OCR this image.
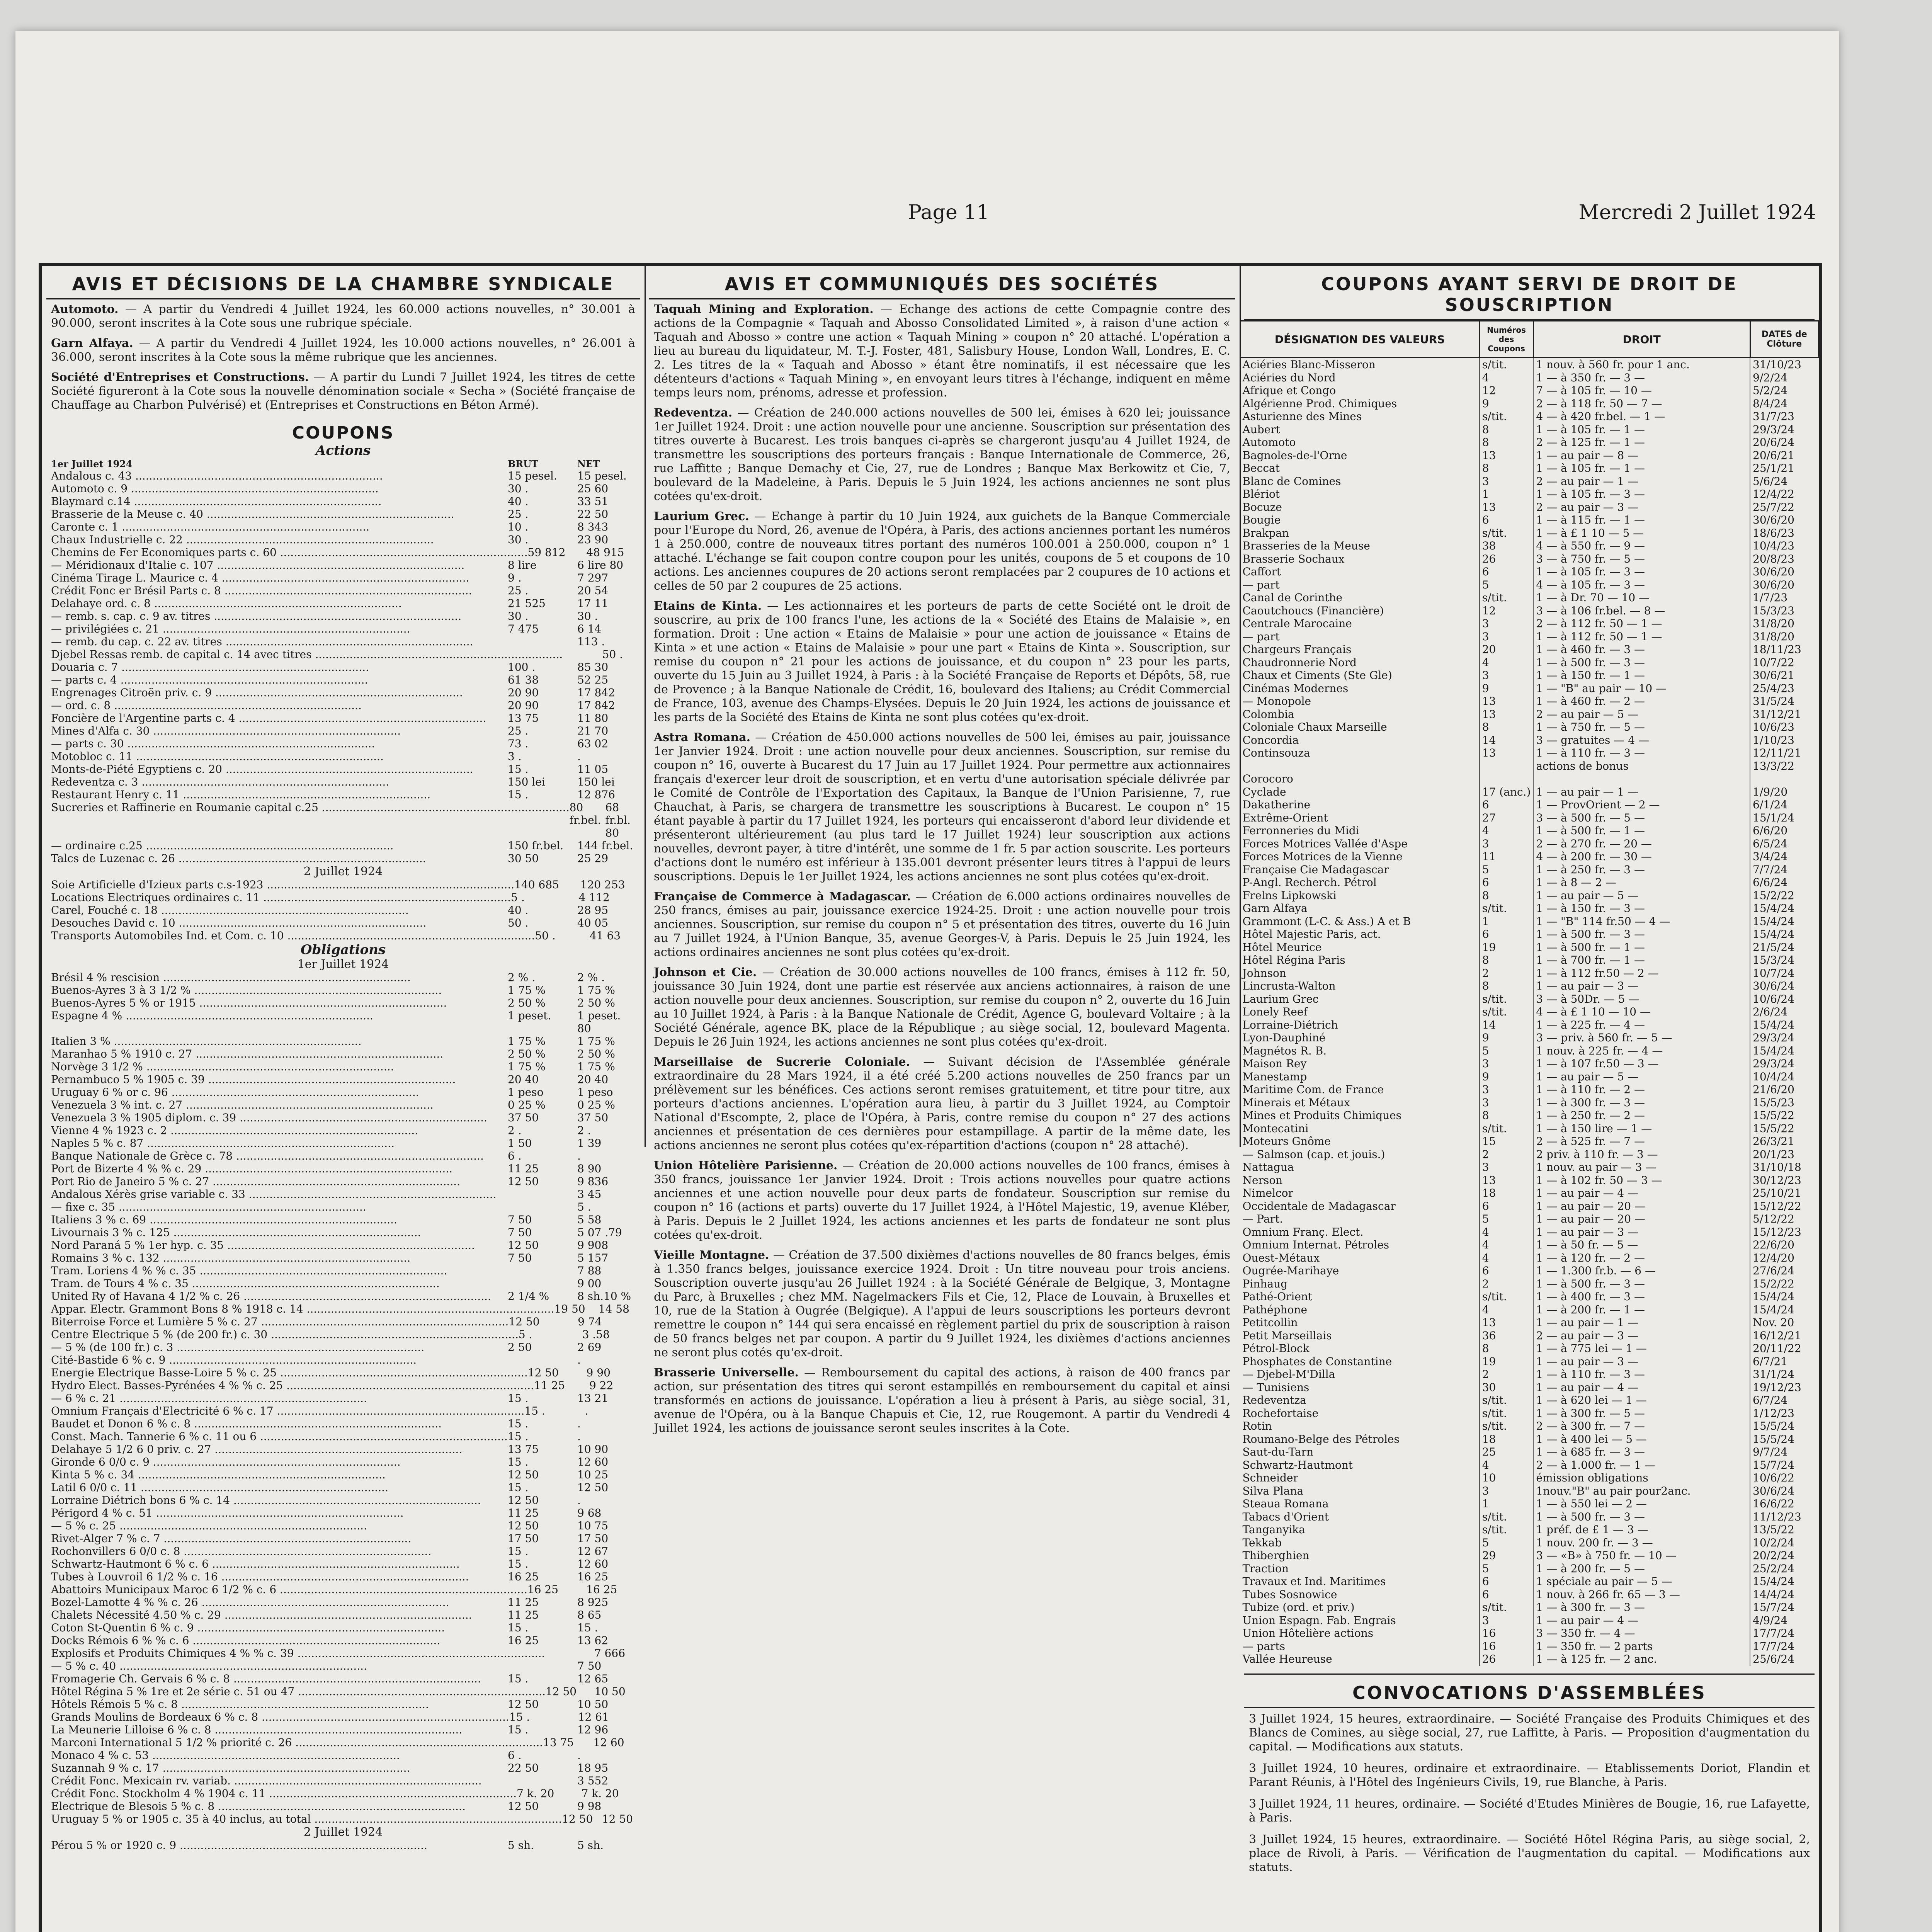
Page 11	Mercredi 2 Juillet 1924
AVIS ET DÉCISIONS DE LA CHAMBRE SYNDICALE
Automoto. — A partir du Vendredi 4 Juillet 1924, les 60.000 actions nouvelles, n° 30.001 à 90.000, seront inscrites à la Cote sous une rubrique spéciale.
Garn Alfaya. — A partir du Vendredi 4 Juillet 1924, les 10.000 actions nouvelles, n° 26.001 à 36.000, seront inscrites à la Cote sous la même rubrique que les anciennes.
Société d'Entreprises et Constructions. — A partir du Lundi 7 Juillet 1924, les titres de cette Société figureront à la Cote sous la nouvelle dénomination sociale « Secha » (Société française de Chauffage au Charbon Pulvérisé) et (Entreprises et Constructions en Béton Armé).
COUPONS
Actions
1er Juillet 1924	BRUT	NET
Andalous c. 43 ........................................................................	15 pesel.	15 pesel.
Automoto c. 9 ........................................................................	30 .	25 60
Blaymard c.14 ........................................................................	40 .	33 51
Brasserie de la Meuse c. 40 ........................................................................	25 .	22 50
Caronte c. 1 ........................................................................	10 .	8 343
Chaux Industrielle c. 22 ........................................................................	30 .	23 90
Chemins de Fer Economiques parts c. 60 ........................................................................ 59 812	48 915
— Méridionaux d'Italie c. 107 ........................................................................	8 lire	6 lire 80
Cinéma Tirage L. Maurice c. 4 ........................................................................	9 .	7 297
Crédit Fonc er Brésil Parts c. 8 ........................................................................	25 .	20 54
Delahaye ord. c. 8 ........................................................................	21 525	17 11
— remb. s. cap. c. 9 av. titres ........................................................................	30 .	30 .
— privilégiées c. 21 ........................................................................	7 475	6 14
— remb. du cap. c. 22 av. titres ........................................................................	113 .
Djebel Ressas remb. de capital c. 14 avec titres ........................................................................	50 .
Douaria c. 7 ........................................................................	100 .	85 30
— parts c. 4 ........................................................................	61 38	52 25
Engrenages Citroën priv. c. 9 ........................................................................	20 90	17 842
— ord. c. 8 ........................................................................	20 90	17 842
Foncière de l'Argentine parts c. 4 ........................................................................	13 75	11 80
Mines d'Alfa c. 30 ........................................................................	25 .	21 70
— parts c. 30 ........................................................................	73 .	63 02
Motobloc c. 11 ........................................................................	3 .	.
Monts-de-Piété Egyptiens c. 20 ........................................................................	15 .	11 05
Redeventza c. 3 ........................................................................	150 lei	150 lei
Restaurant Henry c. 11 ........................................................................	15 .	12 876
Sucreries et Raffinerie en Roumanie capital c.25 ........................................................................ 80 fr.bel.
68 fr.bl. 80
— ordinaire c.25 ........................................................................	150 fr.bel.	144 fr.bel.
Talcs de Luzenac c. 26 ........................................................................	30 50	25 29
2 Juillet 1924
Soie Artificielle d'Izieux parts c.s-1923 ........................................................................ 140 685	120 253
Locations Electriques ordinaires c. 11 ........................................................................ 5 .	4 112
Carel, Fouché c. 18 ........................................................................	40 .	28 95
Desouches David c. 10 ........................................................................	50 .	40 05
Transports Automobiles Ind. et Com. c. 10 ........................................................................ 50 .	41 63
Obligations
1er Juillet 1924
Brésil 4 % rescision ........................................................................	2 % .	2 % .
Buenos-Ayres 3 à 3 1/2 % ........................................................................	1 75 %	1 75 %
Buenos-Ayres 5 % or 1915 ........................................................................	2 50 %	2 50 %
Espagne 4 % ........................................................................	1 peset.	1 peset. 80
Italien 3 % ........................................................................	1 75 %	1 75 %
Maranhao 5 % 1910 c. 27 ........................................................................	2 50 %	2 50 %
Norvège 3 1/2 % ........................................................................	1 75 %	1 75 %
Pernambuco 5 % 1905 c. 39 ........................................................................	20 40	20 40
Uruguay 6 % or c. 96 ........................................................................	1 peso	1 peso
Venezuela 3 % int. c. 27 ........................................................................	0 25 %	0 25 %
Venezuela 3 % 1905 diplom. c. 39 ........................................................................	37 50	37 50
Vienne 4 % 1923 c. 2 ........................................................................	2 .	2 .
Naples 5 % c. 87 ........................................................................	1 50	1 39
Banque Nationale de Grèce c. 78 ........................................................................	6 .	.
Port de Bizerte 4 % % c. 29 ........................................................................	11 25	8 90
Port Rio de Janeiro 5 % c. 27 ........................................................................	12 50	9 836
Andalous Xérès grise variable c. 33 ........................................................................	3 45
— fixe c. 35 ........................................................................	5 .
Italiens 3 % c. 69 ........................................................................	7 50	5 58
Livournais 3 % c. 125 ........................................................................	7 50	5 07 .79
Nord Paraná 5 % 1er hyp. c. 35 ........................................................................	12 50	9 908
Romains 3 % c. 132 ........................................................................	7 50	5 157
Tram. Loriens 4 % % c. 35 ........................................................................	7 88
Tram. de Tours 4 % c. 35 ........................................................................	9 00
United Ry of Havana 4 1/2 % c. 26 ........................................................................	2 1/4 %	8 sh.10 %
Appar. Electr. Grammont Bons 8 % 1918 c. 14 ........................................................................ 19 50	14 58
Biterroise Force et Lumière 5 % c. 27 ........................................................................ 12 50	9 74
Centre Electrique 5 % (de 200 fr.) c. 30 ........................................................................ 5 .	3 .58
— 5 % (de 100 fr.) c. 3 ........................................................................	2 50	2 69
Cité-Bastide 6 % c. 9 ........................................................................	.
Energie Electrique Basse-Loire 5 % c. 25 ........................................................................ 12 50	9 90
Hydro Elect. Basses-Pyrénées 4 % % c. 25 ........................................................................ 11 25	9 22
— 6 % c. 21 ........................................................................	15 .	13 21
Omnium Français d'Electricité 6 % c. 17 ........................................................................ 15 .	.
Baudet et Donon 6 % c. 8 ........................................................................	15 .	.
Const. Mach. Tannerie 6 % c. 11 ou 6 ........................................................................ 15 .	.
Delahaye 5 1/2 6 0 priv. c. 27 ........................................................................	13 75	10 90
Gironde 6 0/0 c. 9 ........................................................................	15 .	12 60
Kinta 5 % c. 34 ........................................................................	12 50	10 25
Latil 6 0/0 c. 11 ........................................................................	15 .	12 50
Lorraine Diétrich bons 6 % c. 14 ........................................................................	12 50	.
Périgord 4 % c. 51 ........................................................................	11 25	9 68
— 5 % c. 25 ........................................................................	12 50	10 75
Rivet-Alger 7 % c. 7 ........................................................................	17 50	17 50
Rochonvillers 6 0/0 c. 8 ........................................................................	15 .	12 67
Schwartz-Hautmont 6 % c. 6 ........................................................................	15 .	12 60
Tubes à Louvroil 6 1/2 % c. 16 ........................................................................	16 25	16 25
Abattoirs Municipaux Maroc 6 1/2 % c. 6 ........................................................................ 16 25	16 25
Bozel-Lamotte 4 % % c. 26 ........................................................................	11 25	8 925
Chalets Nécessité 4.50 % c. 29 ........................................................................	11 25	8 65
Coton St-Quentin 6 % c. 9 ........................................................................	15 .	15 .
Docks Rémois 6 % % c. 6 ........................................................................	16 25	13 62
Explosifs et Produits Chimiques 4 % % c. 39 ........................................................................	7 666
— 5 % c. 40 ........................................................................	7 50
Fromagerie Ch. Gervais 6 % c. 8 ........................................................................	15 .	12 65
Hôtel Régina 5 % 1re et 2e série c. 51 ou 47 ........................................................................ 12 50	10 50
Hôtels Rémois 5 % c. 8 ........................................................................	12 50	10 50
Grands Moulins de Bordeaux 6 % c. 8 ........................................................................ 15 .	12 61
La Meunerie Lilloise 6 % c. 8 ........................................................................	15 .	12 96
Marconi International 5 1/2 % priorité c. 26 ........................................................................ 13 75	12 60
Monaco 4 % c. 53 ........................................................................	6 .	.
Suzannah 9 % c. 17 ........................................................................	22 50	18 95
Crédit Fonc. Mexicain rv. variab. ........................................................................	3 552
Crédit Fonc. Stockholm 4 % 1904 c. 11 ........................................................................ 7 k. 20	7 k. 20
Electrique de Blesois 5 % c. 8 ........................................................................	12 50	9 98
Uruguay 5 % or 1905 c. 35 à 40 inclus, au total ........................................................................ 12 50 12 50
2 Juillet 1924
Pérou 5 % or 1920 c. 9 ........................................................................	5 sh.	5 sh.
AVIS ET COMMUNIQUÉS DES SOCIÉTÉS
Taquah Mining and Exploration. — Echange des actions de cette Compagnie contre des actions de la Compagnie « Taquah and Abosso Consolidated Limited », à raison d'une action « Taquah and Abosso » contre une action « Taquah Mining » coupon n° 20 attaché. L'opération a lieu au bureau du liquidateur, M. T.-J. Foster, 481, Salisbury House, London Wall, Londres, E. C. 2. Les titres de la « Taquah and Abosso » étant être nominatifs, il est nécessaire que les détenteurs d'actions « Taquah Mining », en envoyant leurs titres à l'échange, indiquent en même temps leurs nom, prénoms, adresse et profession.
Redeventza. — Création de 240.000 actions nouvelles de 500 lei, émises à 620 lei; jouissance 1er Juillet 1924. Droit : une action nouvelle pour une ancienne. Souscription sur présentation des titres ouverte à Bucarest. Les trois banques ci-après se chargeront jusqu'au 4 Juillet 1924, de transmettre les souscriptions des porteurs français : Banque Internationale de Commerce, 26, rue Laffitte ; Banque Demachy et Cie, 27, rue de Londres ; Banque Max Berkowitz et Cie, 7, boulevard de la Madeleine, à Paris. Depuis le 5 Juin 1924, les actions anciennes ne sont plus cotées qu'ex-droit.
Laurium Grec. — Echange à partir du 10 Juin 1924, aux guichets de la Banque Commerciale pour l'Europe du Nord, 26, avenue de l'Opéra, à Paris, des actions anciennes portant les numéros 1 à 250.000, contre de nouveaux titres portant des numéros 100.001 à 250.000, coupon n° 1 attaché. L'échange se fait coupon contre coupon pour les unités, coupons de 5 et coupons de 10 actions. Les anciennes coupures de 20 actions seront remplacées par 2 coupures de 10 actions et celles de 50 par 2 coupures de 25 actions.
Etains de Kinta. — Les actionnaires et les porteurs de parts de cette Société ont le droit de souscrire, au prix de 100 francs l'une, les actions de la « Société des Etains de Malaisie », en formation. Droit : Une action « Etains de Malaisie » pour une action de jouissance « Etains de Kinta » et une action « Etains de Malaisie » pour une part « Etains de Kinta ». Souscription, sur remise du coupon n° 21 pour les actions de jouissance, et du coupon n° 23 pour les parts, ouverte du 15 Juin au 3 Juillet 1924, à Paris : à la Société Française de Reports et Dépôts, 58, rue de Provence ; à la Banque Nationale de Crédit, 16, boulevard des Italiens; au Crédit Commercial de France, 103, avenue des Champs-Elysées. Depuis le 20 Juin 1924, les actions de jouissance et les parts de la Société des Etains de Kinta ne sont plus cotées qu'ex-droit.
Astra Romana. — Création de 450.000 actions nouvelles de 500 lei, émises au pair, jouissance 1er Janvier 1924. Droit : une action nouvelle pour deux anciennes. Souscription, sur remise du coupon n° 16, ouverte à Bucarest du 17 Juin au 17 Juillet 1924. Pour permettre aux actionnaires français d'exercer leur droit de souscription, et en vertu d'une autorisation spéciale délivrée par le Comité de Contrôle de l'Exportation des Capitaux, la Banque de l'Union Parisienne, 7, rue Chauchat, à Paris, se chargera de transmettre les souscriptions à Bucarest. Le coupon n° 15 étant payable à partir du 17 Juillet 1924, les porteurs qui encaisseront d'abord leur dividende et présenteront ultérieurement (au plus tard le 17 Juillet 1924) leur souscription aux actions nouvelles, devront payer, à titre d'intérêt, une somme de 1 fr. 5 par action souscrite. Les porteurs d'actions dont le numéro est inférieur à 135.001 devront présenter leurs titres à l'appui de leurs souscriptions. Depuis le 1er Juillet 1924, les actions anciennes ne sont plus cotées qu'ex-droit.
Française de Commerce à Madagascar. — Création de 6.000 actions ordinaires nouvelles de 250 francs, émises au pair, jouissance exercice 1924-25. Droit : une action nouvelle pour trois anciennes. Souscription, sur remise du coupon n° 5 et présentation des titres, ouverte du 16 Juin au 7 Juillet 1924, à l'Union Banque, 35, avenue Georges-V, à Paris. Depuis le 25 Juin 1924, les actions ordinaires anciennes ne sont plus cotées qu'ex-droit.
Johnson et Cie. — Création de 30.000 actions nouvelles de 100 francs, émises à 112 fr. 50, jouissance 30 Juin 1924, dont une partie est réservée aux anciens actionnaires, à raison de une action nouvelle pour deux anciennes. Souscription, sur remise du coupon n° 2, ouverte du 16 Juin au 10 Juillet 1924, à Paris : à la Banque Nationale de Crédit, Agence G, boulevard Voltaire ; à la Société Générale, agence BK, place de la République ; au siège social, 12, boulevard Magenta. Depuis le 26 Juin 1924, les actions anciennes ne sont plus cotées qu'ex-droit.
Marseillaise de Sucrerie Coloniale. — Suivant décision de l'Assemblée générale extraordinaire du 28 Mars 1924, il a été créé 5.200 actions nouvelles de 250 francs par un prélèvement sur les bénéfices. Ces actions seront remises gratuitement, et titre pour titre, aux porteurs d'actions anciennes. L'opération aura lieu, à partir du 3 Juillet 1924, au Comptoir National d'Escompte, 2, place de l'Opéra, à Paris, contre remise du coupon n° 27 des actions anciennes et présentation de ces dernières pour estampillage. A partir de la même date, les actions anciennes ne seront plus cotées qu'ex-répartition d'actions (coupon n° 28 attaché).
Union Hôtelière Parisienne. — Création de 20.000 actions nouvelles de 100 francs, émises à 350 francs, jouissance 1er Janvier 1924. Droit : Trois actions nouvelles pour quatre actions anciennes et une action nouvelle pour deux parts de fondateur. Souscription sur remise du coupon n° 16 (actions et parts) ouverte du 17 Juillet 1924, à l'Hôtel Majestic, 19, avenue Kléber, à Paris. Depuis le 2 Juillet 1924, les actions anciennes et les parts de fondateur ne sont plus cotées qu'ex-droit.
Vieille Montagne. — Création de 37.500 dixièmes d'actions nouvelles de 80 francs belges, émis à 1.350 francs belges, jouissance exercice 1924. Droit : Un titre nouveau pour trois anciens. Souscription ouverte jusqu'au 26 Juillet 1924 : à la Société Générale de Belgique, 3, Montagne du Parc, à Bruxelles ; chez MM. Nagelmackers Fils et Cie, 12, Place de Louvain, à Bruxelles et 10, rue de la Station à Ougrée (Belgique). A l'appui de leurs souscriptions les porteurs devront remettre le coupon n° 144 qui sera encaissé en règlement partiel du prix de souscription à raison de 50 francs belges net par coupon. A partir du 9 Juillet 1924, les dixièmes d'actions anciennes ne seront plus cotés qu'ex-droit.
Brasserie Universelle. — Remboursement du capital des actions, à raison de 400 francs par action, sur présentation des titres qui seront estampillés en remboursement du capital et ainsi transformés en actions de jouissance. L'opération a lieu à présent à Paris, au siège social, 31, avenue de l'Opéra, ou à la Banque Chapuis et Cie, 12, rue Rougemont. A partir du Vendredi 4 Juillet 1924, les actions de jouissance seront seules inscrites à la Cote.
COUPONS AYANT SERVI DE DROIT DE SOUSCRIPTION
DÉSIGNATION DES VALEURS	Numéros des Coupons	DROIT	DATES de Clôture
Aciéries Blanc-Misseron	s/tit.	1 nouv. à 560 fr. pour 1 anc.	31/10/23
Aciéries du Nord	4	1 — à 350 fr. — 3 —	9/2/24
Afrique et Congo	12	7 — à 105 fr. — 10 —	5/2/24
Algérienne Prod. Chimiques	9	2 — à 118 fr. 50 — 7 —	8/4/24
Asturienne des Mines	s/tit.	4 — à 420 fr.bel. — 1 —	31/7/23
Aubert	8	1 — à 105 fr. — 1 —	29/3/24
Automoto	8	2 — à 125 fr. — 1 —	20/6/24
Bagnoles-de-l'Orne	13	1 — au pair — 8 —	20/6/21
Beccat	8	1 — à 105 fr. — 1 —	25/1/21
Blanc de Comines	3	2 — au pair — 1 —	5/6/24
Blériot	1	1 — à 105 fr. — 3 —	12/4/22
Bocuze	13	2 — au pair — 3 —	25/7/22
Bougie	6	1 — à 115 fr. — 1 —	30/6/20
Brakpan	s/tit.	1 — à £ 1 10 — 5 —	18/6/23
Brasseries de la Meuse	38	4 — à 550 fr. — 9 —	10/4/23
Brasserie Sochaux	26	3 — à 750 fr. — 5 —	20/8/23
Caffort	6	1 — à 105 fr. — 3 —	30/6/20
— part	5	4 — à 105 fr. — 3 —	30/6/20
Canal de Corinthe	s/tit.	1 — à Dr. 70 — 10 —	1/7/23
Caoutchoucs (Financière)	12	3 — à 106 fr.bel. — 8 —	15/3/23
Centrale Marocaine	3	2 — à 112 fr. 50 — 1 —	31/8/20
— part	3	1 — à 112 fr. 50 — 1 —	31/8/20
Chargeurs Français	20	1 — à 460 fr. — 3 —	18/11/23
Chaudronnerie Nord	4	1 — à 500 fr. — 3 —	10/7/22
Chaux et Ciments (Ste Gle)	3	1 — à 150 fr. — 1 —	30/6/21
Cinémas Modernes	9	1 — "B" au pair — 10 —	25/4/23
— Monopole	13	1 — à 460 fr. — 2 —	31/5/24
Colombia	13	2 — au pair — 5 —	31/12/21
Coloniale Chaux Marseille	8	1 — à 750 fr. — 5 —	10/6/23
Concordia	14	3 — gratuites — 4 —	1/10/23
Continsouza	13	1 — à 110 fr. — 3 —	12/11/21
		actions de bonus	13/3/22
Corocoro			
Cyclade	17 (anc.)	1 — au pair — 1 —	1/9/20
Dakatherine	6	1 — ProvOrient — 2 —	6/1/24
Extrême-Orient	27	3 — à 500 fr. — 5 —	15/1/24
Ferronneries du Midi	4	1 — à 500 fr. — 1 —	6/6/20
Forces Motrices Vallée d'Aspe	3	2 — à 270 fr. — 20 —	6/5/24
Forces Motrices de la Vienne	11	4 — à 200 fr. — 30 —	3/4/24
Française Cie Madagascar	5	1 — à 250 fr. — 3 —	7/7/24
P-Angl. Recherch. Pétrol	6	1 — à 8 — 2 —	6/6/24
Frelns Lipkowski	8	1 — au pair — 5 —	15/2/22
Garn Alfaya	s/tit.	1 — à 150 fr. — 3 —	15/4/24
Grammont (L-C. & Ass.) A et B	1	1 — "B" 114 fr.50 — 4 —	15/4/24
Hôtel Majestic Paris, act.	6	1 — à 500 fr. — 3 —	15/4/24
Hôtel Meurice	19	1 — à 500 fr. — 1 —	21/5/24
Hôtel Régina Paris	8	1 — à 700 fr. — 1 —	15/3/24
Johnson	2	1 — à 112 fr.50 — 2 —	10/7/24
Lincrusta-Walton	8	1 — au pair — 3 —	30/6/24
Laurium Grec	s/tit.	3 — à 50Dr. — 5 —	10/6/24
Lonely Reef	s/tit.	4 — à £ 1 10 — 10 —	2/6/24
Lorraine-Diétrich	14	1 — à 225 fr. — 4 —	15/4/24
Lyon-Dauphiné	9	3 — priv. à 560 fr. — 5 —	29/3/24
Magnétos R. B.	5	1 nouv. à 225 fr. — 4 —	15/4/24
Maison Rey	3	1 — à 107 fr.50 — 3 —	29/3/24
Manestamp	9	1 — au pair — 5 —	10/4/24
Maritime Com. de France	3	1 — à 110 fr. — 2 —	21/6/20
Minerais et Métaux	3	1 — à 300 fr. — 3 —	15/5/23
Mines et Produits Chimiques	8	1 — à 250 fr. — 2 —	15/5/22
Montecatini	s/tit.	1 — à 150 lire — 1 —	15/5/22
Moteurs Gnôme	15	2 — à 525 fr. — 7 —	26/3/21
— Salmson (cap. et jouis.)	2	2 priv. à 110 fr. — 3 —	20/1/23
Nattagua	3	1 nouv. au pair — 3 —	31/10/18
Nerson	13	1 — à 102 fr. 50 — 3 —	30/12/23
Nimelcor	18	1 — au pair — 4 —	25/10/21
Occidentale de Madagascar	6	1 — au pair — 20 —	15/12/22
— Part.	5	1 — au pair — 20 —	5/12/22
Omnium Franç. Elect.	4	1 — au pair — 3 —	15/12/23
Omnium Internat. Pétroles	4	1 — à 50 fr. — 5 —	22/6/20
Ouest-Métaux	4	1 — à 120 fr. — 2 —	12/4/20
Ougrée-Marihaye	6	1 — 1.300 fr.b. — 6 —	27/6/24
Pinhaug	2	1 — à 500 fr. — 3 —	15/2/22
Pathé-Orient	s/tit.	1 — à 400 fr. — 3 —	15/4/24
Pathéphone	4	1 — à 200 fr. — 1 —	15/4/24
Petitcollin	13	1 — au pair — 1 —	Nov. 20
Petit Marseillais	36	2 — au pair — 3 —	16/12/21
Pétrol-Block	8	1 — à 775 lei — 1 —	20/11/22
Phosphates de Constantine	19	1 — au pair — 3 —	6/7/21
— Djebel-M'Dilla	2	1 — à 110 fr. — 3 —	31/1/24
— Tunisiens	30	1 — au pair — 4 —	19/12/23
Redeventza	s/tit.	1 — à 620 lei — 1 —	6/7/24
Rochefortaise	s/tit.	1 — à 300 fr. — 5 —	1/12/23
Rotin	s/tit.	2 — à 300 fr. — 7 —	15/5/24
Roumano-Belge des Pétroles	18	1 — à 400 lei — 5 —	15/5/24
Saut-du-Tarn	25	1 — à 685 fr. — 3 —	9/7/24
Schwartz-Hautmont	4	2 — à 1.000 fr. — 1 —	15/7/24
Schneider	10	émission obligations	10/6/22
Silva Plana	3	1nouv."B" au pair pour2anc.	30/6/24
Steaua Romana	1	1 — à 550 lei — 2 —	16/6/22
Tabacs d'Orient	s/tit.	1 — à 500 fr. — 3 —	11/12/23
Tanganyika	s/tit.	1 préf. de £ 1 — 3 —	13/5/22
Tekkab	5	1 nouv. 200 fr. — 3 —	10/2/24
Thiberghien	29	3 — «B» à 750 fr. — 10 —	20/2/24
Traction	5	1 — à 200 fr. — 5 —	25/2/24
Travaux et Ind. Maritimes	6	1 spéciale au pair — 5 —	15/4/24
Tubes Sosnowice	6	1 nouv. à 266 fr. 65 — 3 —	14/4/24
Tubize (ord. et priv.)	s/tit.	1 — à 300 fr. — 3 —	15/7/24
Union Espagn. Fab. Engrais	3	1 — au pair — 4 —	4/9/24
Union Hôtelière actions	16	3 — 350 fr. — 4 —	17/7/24
— parts	16	1 — 350 fr. — 2 parts	17/7/24
Vallée Heureuse	26	1 — à 125 fr. — 2 anc.	25/6/24
CONVOCATIONS D'ASSEMBLÉES
3 Juillet 1924, 15 heures, extraordinaire. — Société Française des Produits Chimiques et des Blancs de Comines, au siège social, 27, rue Laffitte, à Paris. — Proposition d'augmentation du capital. — Modifications aux statuts.
3 Juillet 1924, 10 heures, ordinaire et extraordinaire. — Etablissements Doriot, Flandin et Parant Réunis, à l'Hôtel des Ingénieurs Civils, 19, rue Blanche, à Paris.
3 Juillet 1924, 11 heures, ordinaire. — Société d'Etudes Minières de Bougie, 16, rue Lafayette, à Paris.
3 Juillet 1924, 15 heures, extraordinaire. — Société Hôtel Régina Paris, au siège social, 2, place de Rivoli, à Paris. — Vérification de l'augmentation du capital. — Modifications aux statuts.
